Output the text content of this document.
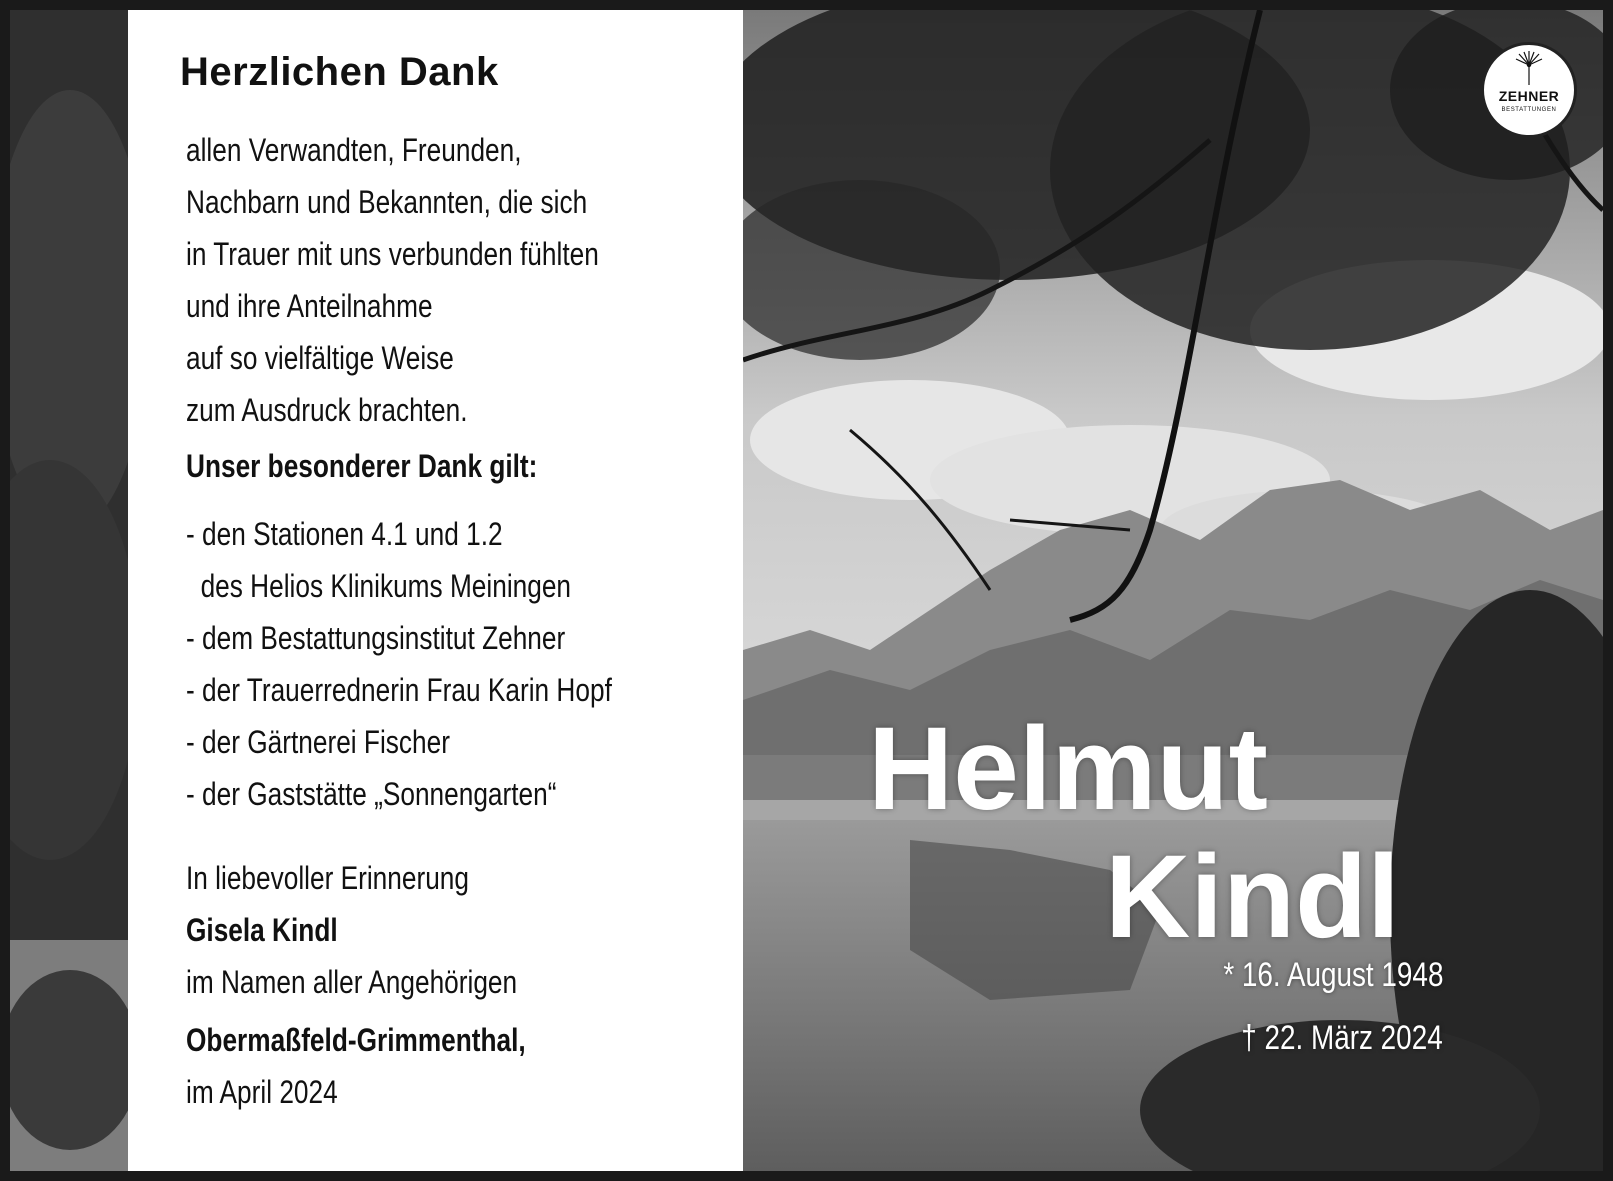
Herzlichen Dank
allen Verwandten, Freunden,
Nachbarn und Bekannten, die sich
in Trauer mit uns verbunden fühlten
und ihre Anteilnahme
auf so vielfältige Weise
zum Ausdruck brachten.
Unser besonderer Dank gilt:
- den Stationen 4.1 und 1.2
des Helios Klinikums Meiningen
- dem Bestattungsinstitut Zehner
- der Trauerrednerin Frau Karin Hopf
- der Gärtnerei Fischer
- der Gaststätte „Sonnengarten“
In liebevoller Erinnerung
Gisela Kindl
im Namen aller Angehörigen
Obermaßfeld-Grimmenthal,
im April 2024
Helmut
Kindl
* 16. August 1948
† 22. März 2024
ZEHNER
BESTATTUNGEN
